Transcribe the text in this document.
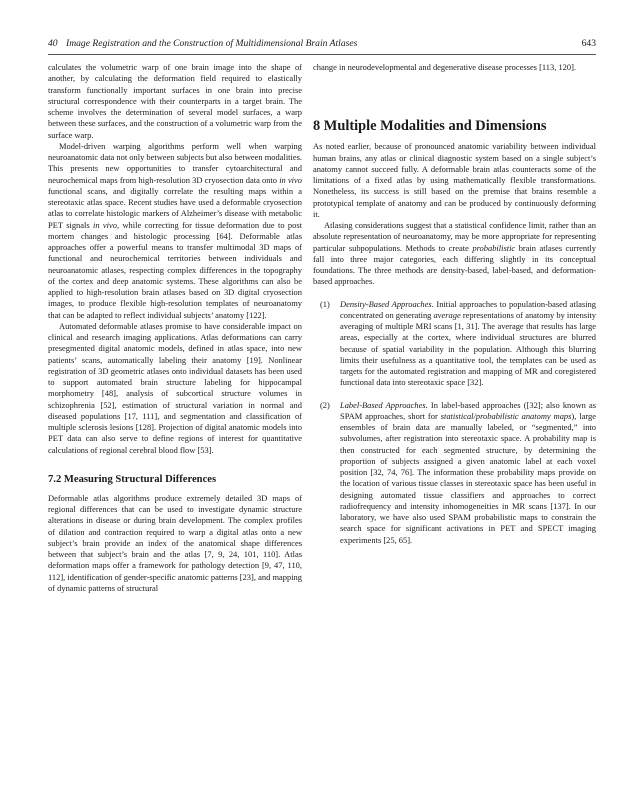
40 Image Registration and the Construction of Multidimensional Brain Atlases	643

calculates the volumetric warp of one brain image into the shape of another, by calculating the deformation field required to elastically transform functionally important surfaces in one brain into precise structural correspondence with their counterparts in a target brain. The scheme involves the determination of several model surfaces, a warp between these surfaces, and the construction of a volumetric warp from the surface warp.

Model-driven warping algorithms perform well when warping neuroanatomic data not only between subjects but also between modalities. This presents new opportunities to transfer cytoarchitectural and neurochemical maps from high-resolution 3D cryosection data onto in vivo functional scans, and digitally correlate the resulting maps within a stereotaxic atlas space. Recent studies have used a deformable cryosection atlas to correlate histologic markers of Alzheimer’s disease with metabolic PET signals in vivo, while correcting for tissue deformation due to post mortem changes and histologic processing [64]. Deformable atlas approaches offer a powerful means to transfer multimodal 3D maps of functional and neurochemical territories between individuals and neuroanatomic atlases, respecting complex differences in the topography of the cortex and deep anatomic systems. These algorithms can also be applied to high-resolution brain atlases based on 3D digital cryosection images, to produce flexible high-resolution templates of neuroanatomy that can be adapted to reflect individual subjects’ anatomy [122].

Automated deformable atlases promise to have considerable impact on clinical and research imaging applications. Atlas deformations can carry presegmented digital anatomic models, defined in atlas space, into new patients’ scans, automatically labeling their anatomy [19]. Nonlinear registration of 3D geometric atlases onto individual datasets has been used to support automated brain structure labeling for hippocampal morphometry [48], analysis of subcortical structure volumes in schizophrenia [52], estimation of structural variation in normal and diseased populations [17, 111], and segmentation and classification of multiple sclerosis lesions [128]. Projection of digital anatomic models into PET data can also serve to define regions of interest for quantitative calculations of regional cerebral blood flow [53].

7.2 Measuring Structural Differences

Deformable atlas algorithms produce extremely detailed 3D maps of regional differences that can be used to investigate dynamic structure alterations in disease or during brain development. The complex profiles of dilation and contraction required to warp a digital atlas onto a new subject’s brain provide an index of the anatomical shape differences between that subject’s brain and the atlas [7, 9, 24, 101, 110]. Atlas deformation maps offer a framework for pathology detection [9, 47, 110, 112], identification of gender-specific anatomic patterns [23], and mapping of dynamic patterns of structural

change in neurodevelopmental and degenerative disease processes [113, 120].

8 Multiple Modalities and Dimensions

As noted earlier, because of pronounced anatomic variability between individual human brains, any atlas or clinical diagnostic system based on a single subject’s anatomy cannot succeed fully. A deformable brain atlas counteracts some of the limitations of a fixed atlas by using mathematically flexible transformations. Nonetheless, its success is still based on the premise that brains resemble a prototypical template of anatomy and can be produced by continuously deforming it.

Atlasing considerations suggest that a statistical confidence limit, rather than an absolute representation of neuroanatomy, may be more appropriate for representing particular subpopulations. Methods to create probabilistic brain atlases currently fall into three major categories, each differing slightly in its conceptual foundations. The three methods are density-based, label-based, and deformation-based approaches.

(1) Density-Based Approaches. Initial approaches to population-based atlasing concentrated on generating average representations of anatomy by intensity averaging of multiple MRI scans [1, 31]. The average that results has large areas, especially at the cortex, where individual structures are blurred because of spatial variability in the population. Although this blurring limits their usefulness as a quantitative tool, the templates can be used as targets for the automated registration and mapping of MR and coregistered functional data into stereotaxic space [32].

(2) Label-Based Approaches. In label-based approaches ([32]; also known as SPAM approaches, short for statistical/probabilistic anatomy maps), large ensembles of brain data are manually labeled, or “segmented,” into subvolumes, after registration into stereotaxic space. A probability map is then constructed for each segmented structure, by determining the proportion of subjects assigned a given anatomic label at each voxel position [32, 74, 76]. The information these probability maps provide on the location of various tissue classes in stereotaxic space has been useful in designing automated tissue classifiers and approaches to correct radiofrequency and intensity inhomogeneities in MR scans [137]. In our laboratory, we have also used SPAM probabilistic maps to constrain the search space for significant activations in PET and SPECT imaging experiments [25, 65].
